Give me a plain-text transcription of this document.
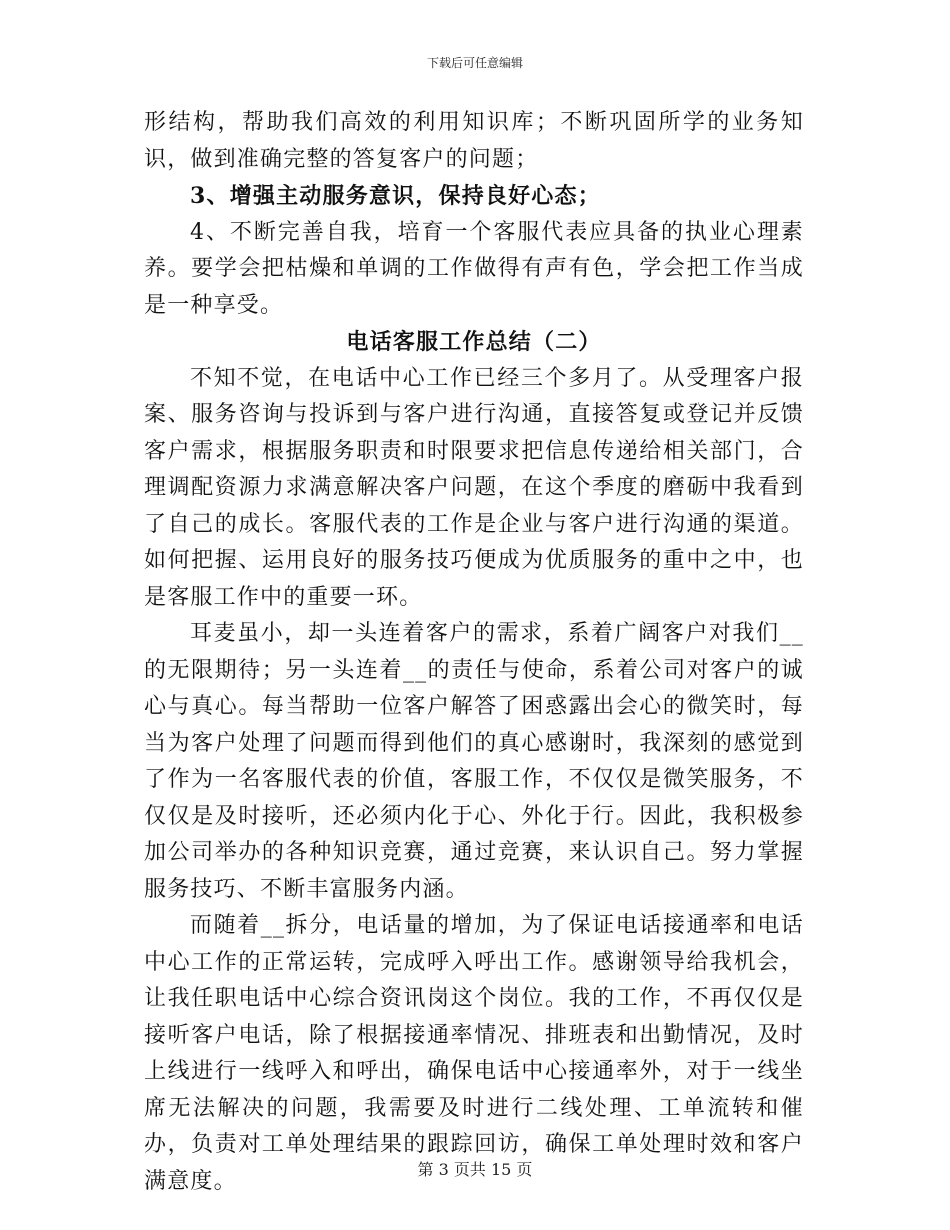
下载后可任意编辑

形结构，帮助我们高效的利用知识库；不断巩固所学的业务知识，做到准确完整的答复客户的问题；

3、增强主动服务意识，保持良好心态；

4、不断完善自我，培育一个客服代表应具备的执业心理素养。要学会把枯燥和单调的工作做得有声有色，学会把工作当成是一种享受。

电话客服工作总结（二）

不知不觉，在电话中心工作已经三个多月了。从受理客户报案、服务咨询与投诉到与客户进行沟通，直接答复或登记并反馈客户需求，根据服务职责和时限要求把信息传递给相关部门，合理调配资源力求满意解决客户问题，在这个季度的磨砺中我看到了自己的成长。客服代表的工作是企业与客户进行沟通的渠道。如何把握、运用良好的服务技巧便成为优质服务的重中之中，也是客服工作中的重要一环。

耳麦虽小，却一头连着客户的需求，系着广阔客户对我们__的无限期待；另一头连着__的责任与使命，系着公司对客户的诚心与真心。每当帮助一位客户解答了困惑露出会心的微笑时，每当为客户处理了问题而得到他们的真心感谢时，我深刻的感觉到了作为一名客服代表的价值，客服工作，不仅仅是微笑服务，不仅仅是及时接听，还必须内化于心、外化于行。因此，我积极参加公司举办的各种知识竞赛，通过竞赛，来认识自己。努力掌握服务技巧、不断丰富服务内涵。

而随着__拆分，电话量的增加，为了保证电话接通率和电话中心工作的正常运转，完成呼入呼出工作。感谢领导给我机会，让我任职电话中心综合资讯岗这个岗位。我的工作，不再仅仅是接听客户电话，除了根据接通率情况、排班表和出勤情况，及时上线进行一线呼入和呼出，确保电话中心接通率外，对于一线坐席无法解决的问题，我需要及时进行二线处理、工单流转和催办，负责对工单处理结果的跟踪回访，确保工单处理时效和客户满意度。	第 3 页共 15 页
